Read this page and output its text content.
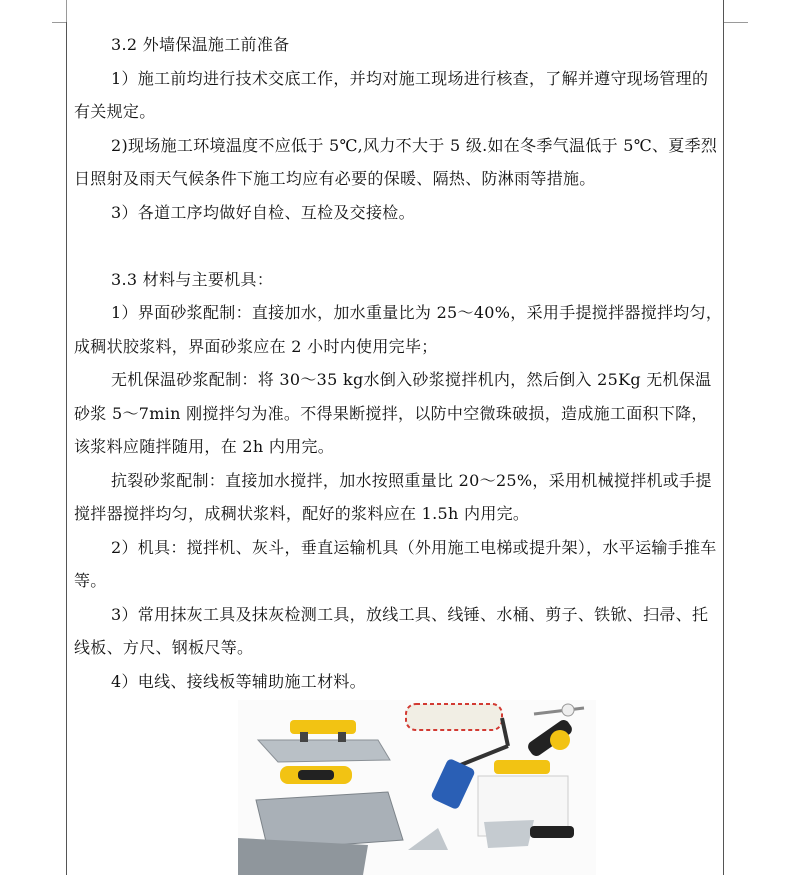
3.2 外墙保温施工前准备

1）施工前均进行技术交底工作，并均对施工现场进行核查，了解并遵守现场管理的有关规定。

2)现场施工环境温度不应低于 5℃,风力不大于 5 级.如在冬季气温低于 5℃、夏季烈日照射及雨天气候条件下施工均应有必要的保暖、隔热、防淋雨等措施。

3）各道工序均做好自检、互检及交接检。

3.3 材料与主要机具：

1）界面砂浆配制：直接加水，加水重量比为 25～40%，采用手提搅拌器搅拌均匀，成稠状胶浆料，界面砂浆应在 2 小时内使用完毕；

无机保温砂浆配制：将 30～35 kg水倒入砂浆搅拌机内，然后倒入 25Kg 无机保温砂浆 5～7min 刚搅拌匀为准。不得果断搅拌，以防中空微珠破损，造成施工面积下降，该浆料应随拌随用，在 2h 内用完。

抗裂砂浆配制：直接加水搅拌，加水按照重量比 20～25%，采用机械搅拌机或手提搅拌器搅拌均匀，成稠状浆料，配好的浆料应在 1.5h 内用完。

2）机具：搅拌机、灰斗，垂直运输机具（外用施工电梯或提升架），水平运输手推车等。

3）常用抹灰工具及抹灰检测工具，放线工具、线锤、水桶、剪子、铁锨、扫帚、托线板、方尺、钢板尺等。

4）电线、接线板等辅助施工材料。
